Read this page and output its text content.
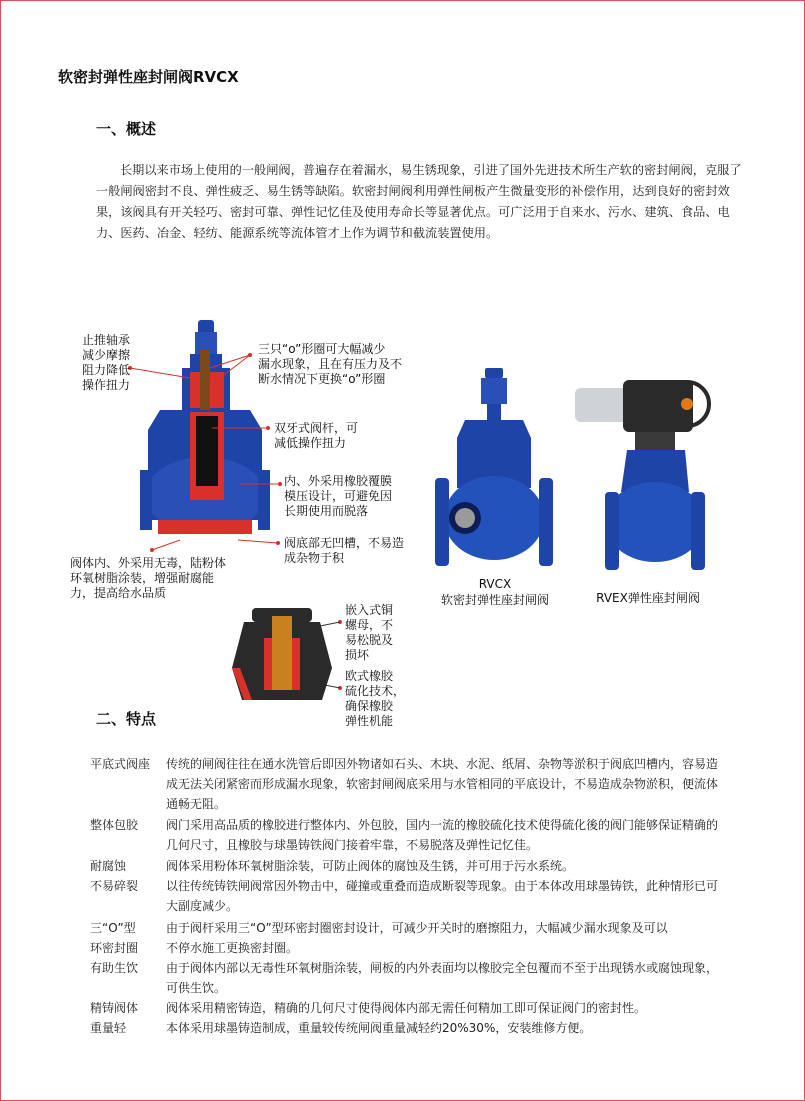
软密封弹性座封闸阀RVCX
一、概述
长期以来市场上使用的一般闸阀，普遍存在着漏水，易生锈现象，引进了国外先进技术所生产软的密封闸阀，克服了一般闸阀密封不良、弹性疲乏、易生锈等缺陷。软密封闸阀利用弹性闸板产生微量变形的补偿作用，达到良好的密封效果，该阀具有开关轻巧、密封可靠、弹性记忆佳及使用寿命长等显著优点。可广泛用于自来水、污水、建筑、食品、电力、医药、冶金、轻纺、能源系统等流体管才上作为调节和截流装置使用。
止推轴承
减少摩擦
阻力降低
操作扭力
三只“o”形圈可大幅减少
漏水现象，且在有压力及不
断水情况下更换“o”形圈
双牙式阀杆，可
减低操作扭力
内、外采用橡胶覆膜
模压设计，可避免因
长期使用而脱落
阀底部无凹槽，不易造
成杂物于积
阀体内、外采用无毒，陆粉体
环氧树脂涂装，增强耐腐能
力，提高给水品质
RVCX
软密封弹性座封闸阀	RVEX弹性座封闸阀
嵌入式铜
螺母，不
易松脱及
损坏
欧式橡胶
硫化技术，
确保橡胶
弹性机能
二、特点
平底式阀座	传统的闸阀往往在通水洗管后即因外物诸如石头、木块、水泥、纸屑、杂物等淤积于阀底凹槽内，容易造成无法关闭紧密而形成漏水现象，软密封闸阀底采用与水管相同的平底设计，不易造成杂物淤积，便流体通畅无阻。
整体包胶	阀门采用高品质的橡胶进行整体内、外包胶，国内一流的橡胶硫化技术使得硫化後的阀门能够保证精确的几何尺寸，且橡胶与球墨铸铁阀门接着牢靠，不易脱落及弹性记忆佳。
耐腐蚀	阀体采用粉体环氧树脂涂装，可防止阀体的腐蚀及生锈，并可用于污水系统。
不易碎裂	以往传统铸铁闸阀常因外物击中，碰撞或重叠而造成断裂等现象。由于本体改用球墨铸铁，此种情形已可大副度减少。
三“O”型	由于阀杆采用三“O”型环密封圈密封设计，可减少开关时的磨擦阻力，大幅减少漏水现象及可以
环密封圈	不停水施工更换密封圈。
有助生饮	由于阀体内部以无毒性环氧树脂涂装，闸板的内外表面均以橡胶完全包覆而不至于出现锈水或腐蚀现象，可供生饮。
精铸阀体	阀体采用精密铸造，精确的几何尺寸使得阀体内部无需任何精加工即可保证阀门的密封性。
重量轻	本体采用球墨铸造制成，重量较传统闸阀重量减轻约20%30%，安装维修方便。
